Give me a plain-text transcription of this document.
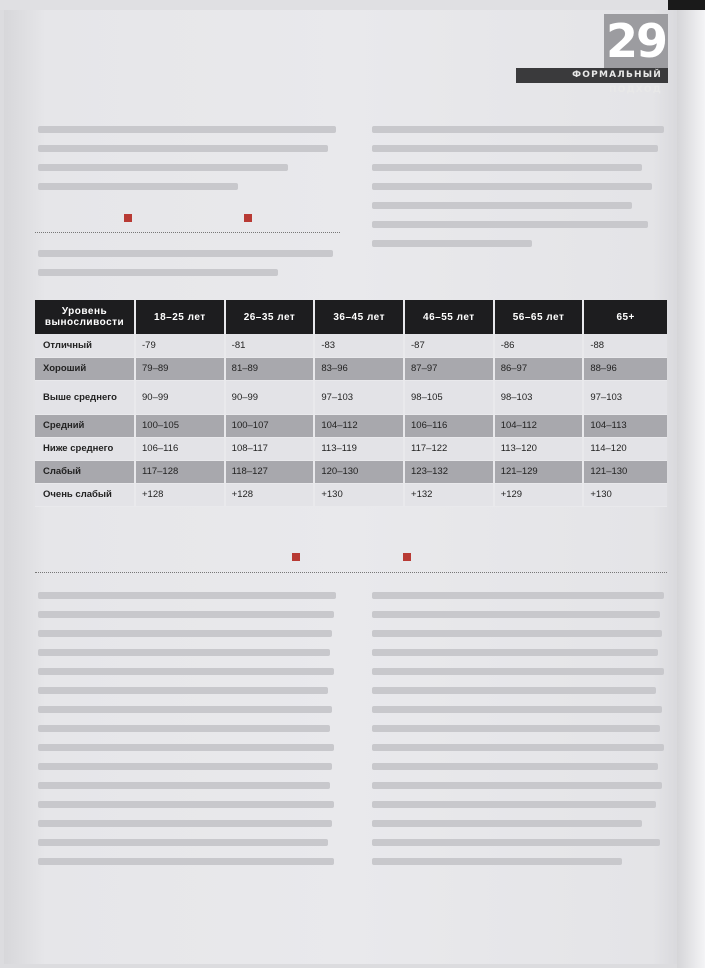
29
ФОРМАЛЬНЫЙ ПОДХОД
Уровень выносливости	18–25 лет	26–35 лет	36–45 лет	46–55 лет	56–65 лет	65+
Отличный	-79	-81	-83	-87	-86	-88
Хороший	79–89	81–89	83–96	87–97	86–97	88–96
Выше среднего	90–99	90–99	97–103	98–105	98–103	97–103
Средний	100–105	100–107	104–112	106–116	104–112	104–113
Ниже среднего	106–116	108–117	113–119	117–122	113–120	114–120
Слабый	117–128	118–127	120–130	123–132	121–129	121–130
Очень слабый	+128	+128	+130	+132	+129	+130
